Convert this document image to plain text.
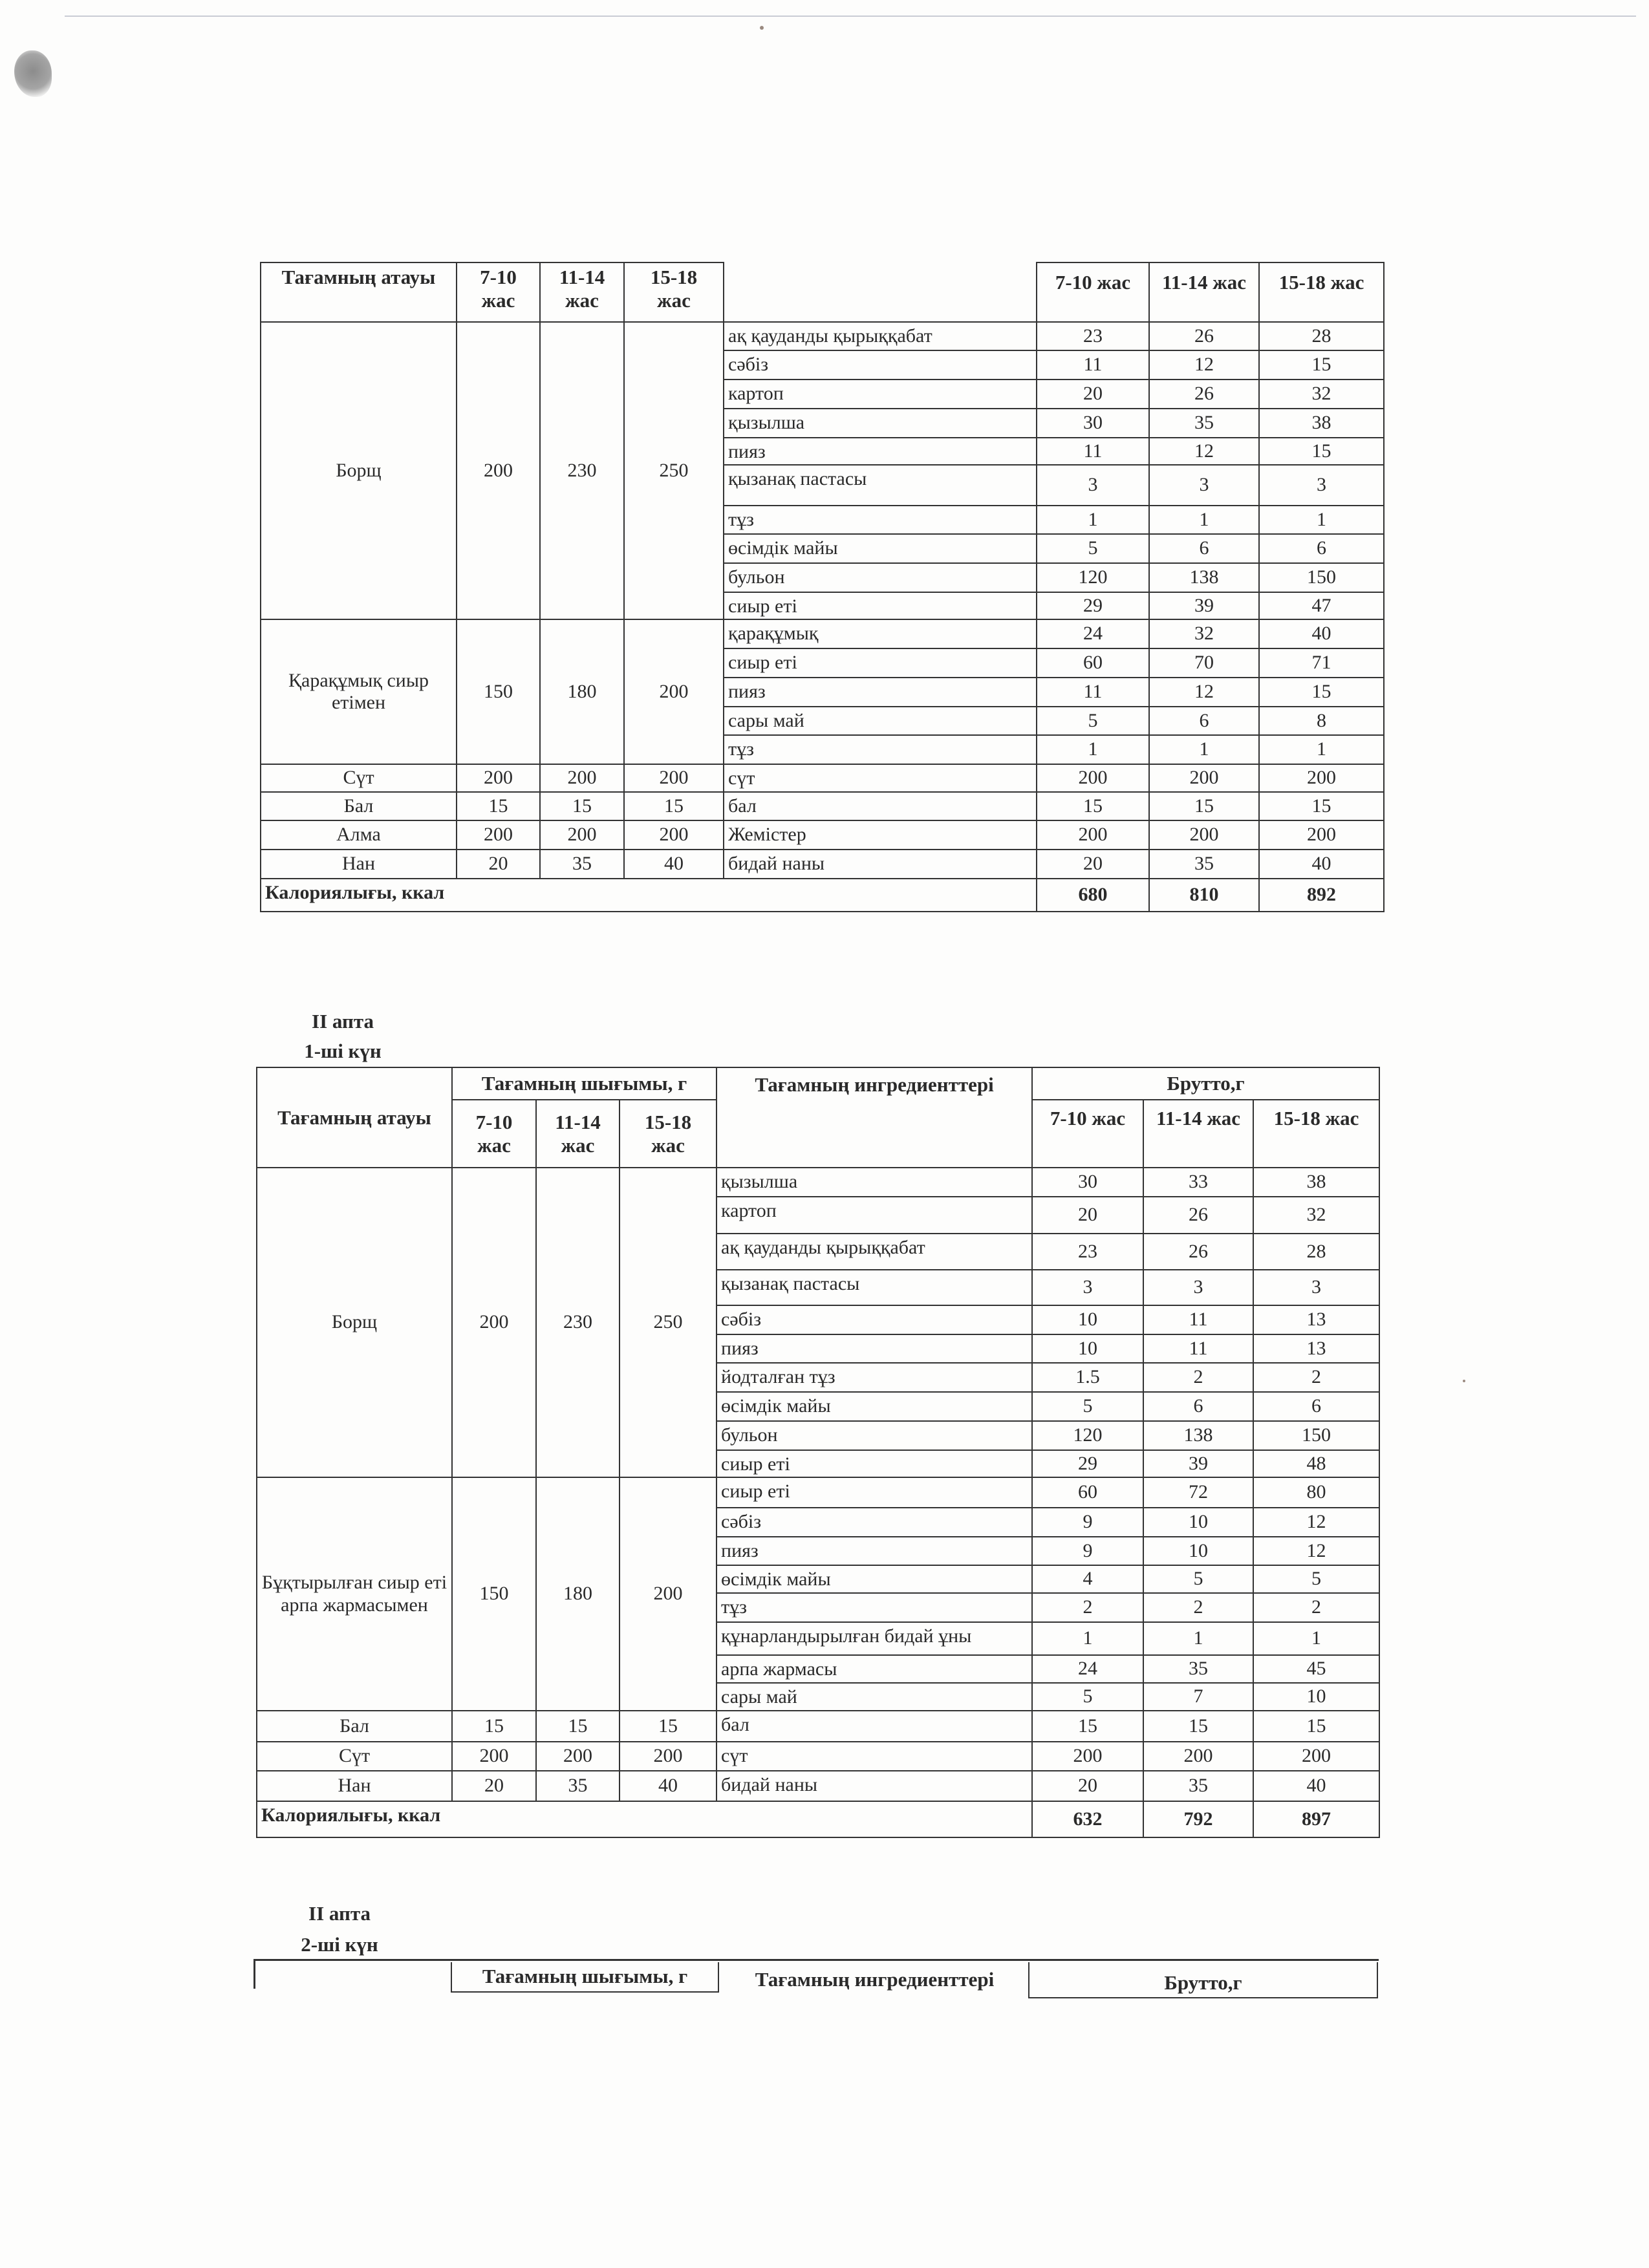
Тағамның атауы	7-10 жас	11-14 жас	15-18 жас		7-10 жас	11-14 жас	15-18 жас
Борщ	200	230	250	ақ қауданды қырыққабат	23	26	28
				сәбіз	11	12	15
				картоп	20	26	32
				қызылша	30	35	38
				пияз	11	12	15
				қызанақ пастасы	3	3	3
				тұз	1	1	1
				өсімдік майы	5	6	6
				бульон	120	138	150
				сиыр еті	29	39	47
Қарақұмық сиыр етімен	150	180	200	қарақұмық	24	32	40
				сиыр еті	60	70	71
				пияз	11	12	15
				сары май	5	6	8
				тұз	1	1	1
Сүт	200	200	200	сүт	200	200	200
Бал	15	15	15	бал	15	15	15
Алма	200	200	200	Жемістер	200	200	200
Нан	20	35	40	бидай наны	20	35	40
Калориялығы, ккал					680	810	892
II апта
1-ші күн
Тағамның атауы	Тағамның шығымы, г			Тағамның ингредиенттері	Брутто,г		
	7-10 жас	11-14 жас	15-18 жас		7-10 жас	11-14 жас	15-18 жас
Борщ	200	230	250	қызылша	30	33	38
				картоп	20	26	32
				ақ қауданды қырыққабат	23	26	28
				қызанақ пастасы	3	3	3
				сәбіз	10	11	13
				пияз	10	11	13
				йодталған тұз	1.5	2	2
				өсімдік майы	5	6	6
				бульон	120	138	150
				сиыр еті	29	39	48
Бұқтырылған сиыр еті арпа жармасымен	150	180	200	сиыр еті	60	72	80
				сәбіз	9	10	12
				пияз	9	10	12
				өсімдік майы	4	5	5
				тұз	2	2	2
				құнарландырылған бидай ұны	1	1	1
				арпа жармасы	24	35	45
				сары май	5	7	10
Бал	15	15	15	бал	15	15	15
Сүт	200	200	200	сүт	200	200	200
Нан	20	35	40	бидай наны	20	35	40
Калориялығы, ккал					632	792	897
II апта
2-ші күн
Тағамның шығымы, г	Тағамның ингредиенттері	Брутто,г
